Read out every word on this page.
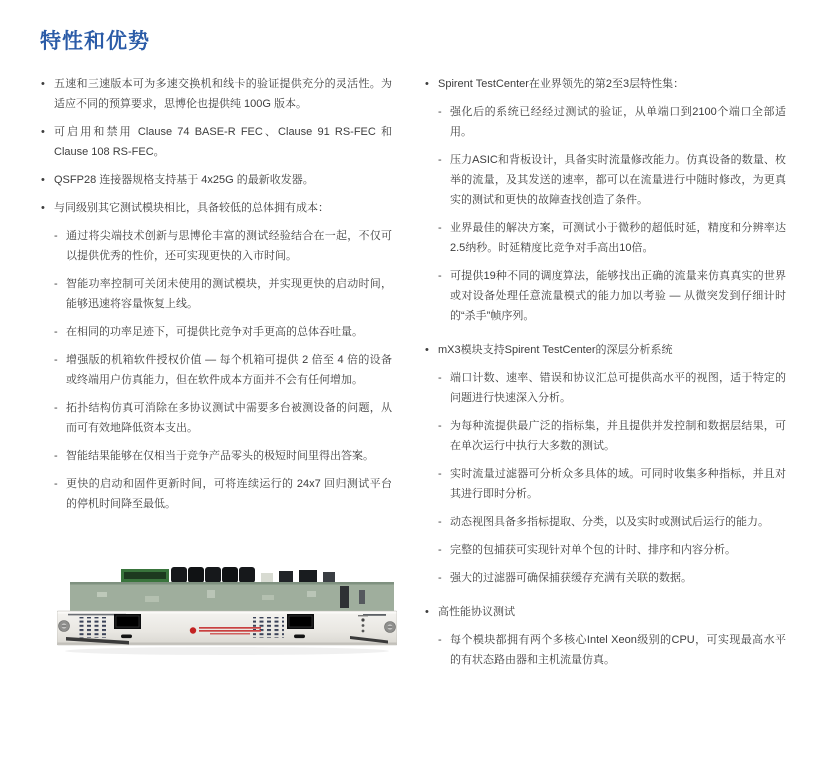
特性和优势
• 五速和三速版本可为多速交换机和线卡的验证提供充分的灵活性。为适应不同的预算要求，思博伦也提供纯 100G 版本。
• 可启用和禁用 Clause 74 BASE-R FEC、Clause 91 RS-FEC 和 Clause 108 RS-FEC。
• QSFP28 连接器规格支持基于 4x25G 的最新收发器。
• 与同级别其它测试模块相比，具备较低的总体拥有成本：
- 通过将尖端技术创新与思博伦丰富的测试经验结合在一起，不仅可以提供优秀的性价，还可实现更快的入市时间。
- 智能功率控制可关闭未使用的测试模块，并实现更快的启动时间，能够迅速将容量恢复上线。
- 在相同的功率足迹下，可提供比竞争对手更高的总体吞吐量。
- 增强版的机箱软件授权价值 — 每个机箱可提供 2 倍至 4 倍的设备或终端用户仿真能力，但在软件成本方面并不会有任何增加。
- 拓扑结构仿真可消除在多协议测试中需要多台被测设备的问题，从而可有效地降低资本支出。
- 智能结果能够在仅相当于竞争产品零头的极短时间里得出答案。
- 更快的启动和固件更新时间，可将连续运行的 24x7 回归测试平台的停机时间降至最低。
• Spirent TestCenter在业界领先的第2至3层特性集：
- 强化后的系统已经经过测试的验证，从单端口到2100个端口全部适用。
- 压力ASIC和背板设计，具备实时流量修改能力。仿真设备的数量、枚举的流量，及其发送的速率，都可以在流量进行中随时修改，为更真实的测试和更快的故障查找创造了条件。
- 业界最佳的解决方案，可测试小于微秒的超低时延，精度和分辨率达2.5纳秒。时延精度比竞争对手高出10倍。
- 可提供19种不同的调度算法，能够找出正确的流量来仿真真实的世界或对设备处理任意流量模式的能力加以考验 — 从微突发到仔细计时的“杀手”帧序列。
• mX3模块支持Spirent TestCenter的深层分析系统
- 端口计数、速率、错误和协议汇总可提供高水平的视图，适于特定的问题进行快速深入分析。
- 为每种流提供最广泛的指标集，并且提供并发控制和数据层结果，可在单次运行中执行大多数的测试。
- 实时流量过滤器可分析众多具体的域。可同时收集多种指标，并且对其进行即时分析。
- 动态视图具备多指标提取、分类，以及实时或测试后运行的能力。
- 完整的包捕获可实现针对单个包的计时、排序和内容分析。
- 强大的过滤器可确保捕获缓存充满有关联的数据。
• 高性能协议测试
- 每个模块都拥有两个多核心Intel Xeon级别的CPU，可实现最高水平的有状态路由器和主机流量仿真。
